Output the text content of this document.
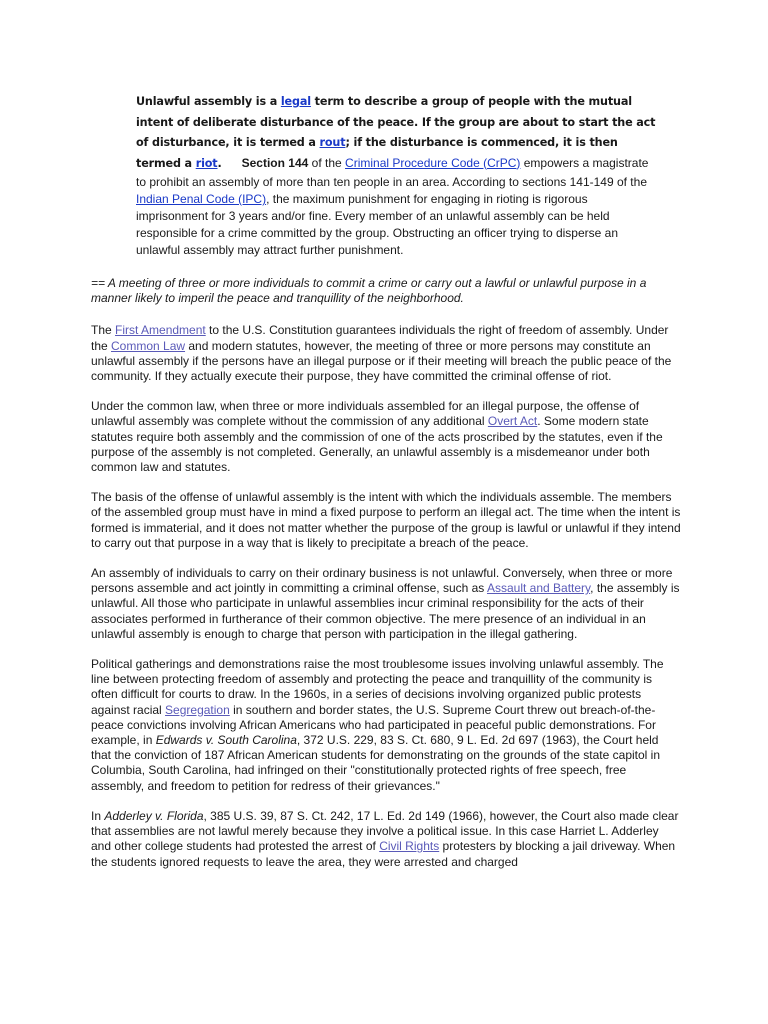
Unlawful assembly is a legal term to describe a group of people with the mutual intent of deliberate disturbance of the peace. If the group are about to start the act of disturbance, it is termed a rout; if the disturbance is commenced, it is then termed a riot. Section 144 of the Criminal Procedure Code (CrPC) empowers a magistrate to prohibit an assembly of more than ten people in an area. According to sections 141-149 of the Indian Penal Code (IPC), the maximum punishment for engaging in rioting is rigorous imprisonment for 3 years and/or fine. Every member of an unlawful assembly can be held responsible for a crime committed by the group. Obstructing an officer trying to disperse an unlawful assembly may attract further punishment.

== A meeting of three or more individuals to commit a crime or carry out a lawful or unlawful purpose in a manner likely to imperil the peace and tranquillity of the neighborhood.

The First Amendment to the U.S. Constitution guarantees individuals the right of freedom of assembly. Under the Common Law and modern statutes, however, the meeting of three or more persons may constitute an unlawful assembly if the persons have an illegal purpose or if their meeting will breach the public peace of the community. If they actually execute their purpose, they have committed the criminal offense of riot.

Under the common law, when three or more individuals assembled for an illegal purpose, the offense of unlawful assembly was complete without the commission of any additional Overt Act. Some modern state statutes require both assembly and the commission of one of the acts proscribed by the statutes, even if the purpose of the assembly is not completed. Generally, an unlawful assembly is a misdemeanor under both common law and statutes.

The basis of the offense of unlawful assembly is the intent with which the individuals assemble. The members of the assembled group must have in mind a fixed purpose to perform an illegal act. The time when the intent is formed is immaterial, and it does not matter whether the purpose of the group is lawful or unlawful if they intend to carry out that purpose in a way that is likely to precipitate a breach of the peace.

An assembly of individuals to carry on their ordinary business is not unlawful. Conversely, when three or more persons assemble and act jointly in committing a criminal offense, such as Assault and Battery, the assembly is unlawful. All those who participate in unlawful assemblies incur criminal responsibility for the acts of their associates performed in furtherance of their common objective. The mere presence of an individual in an unlawful assembly is enough to charge that person with participation in the illegal gathering.

Political gatherings and demonstrations raise the most troublesome issues involving unlawful assembly. The line between protecting freedom of assembly and protecting the peace and tranquillity of the community is often difficult for courts to draw. In the 1960s, in a series of decisions involving organized public protests against racial Segregation in southern and border states, the U.S. Supreme Court threw out breach-of-the-peace convictions involving African Americans who had participated in peaceful public demonstrations. For example, in Edwards v. South Carolina, 372 U.S. 229, 83 S. Ct. 680, 9 L. Ed. 2d 697 (1963), the Court held that the conviction of 187 African American students for demonstrating on the grounds of the state capitol in Columbia, South Carolina, had infringed on their "constitutionally protected rights of free speech, free assembly, and freedom to petition for redress of their grievances."

In Adderley v. Florida, 385 U.S. 39, 87 S. Ct. 242, 17 L. Ed. 2d 149 (1966), however, the Court also made clear that assemblies are not lawful merely because they involve a political issue. In this case Harriet L. Adderley and other college students had protested the arrest of Civil Rights protesters by blocking a jail driveway. When the students ignored requests to leave the area, they were arrested and charged
